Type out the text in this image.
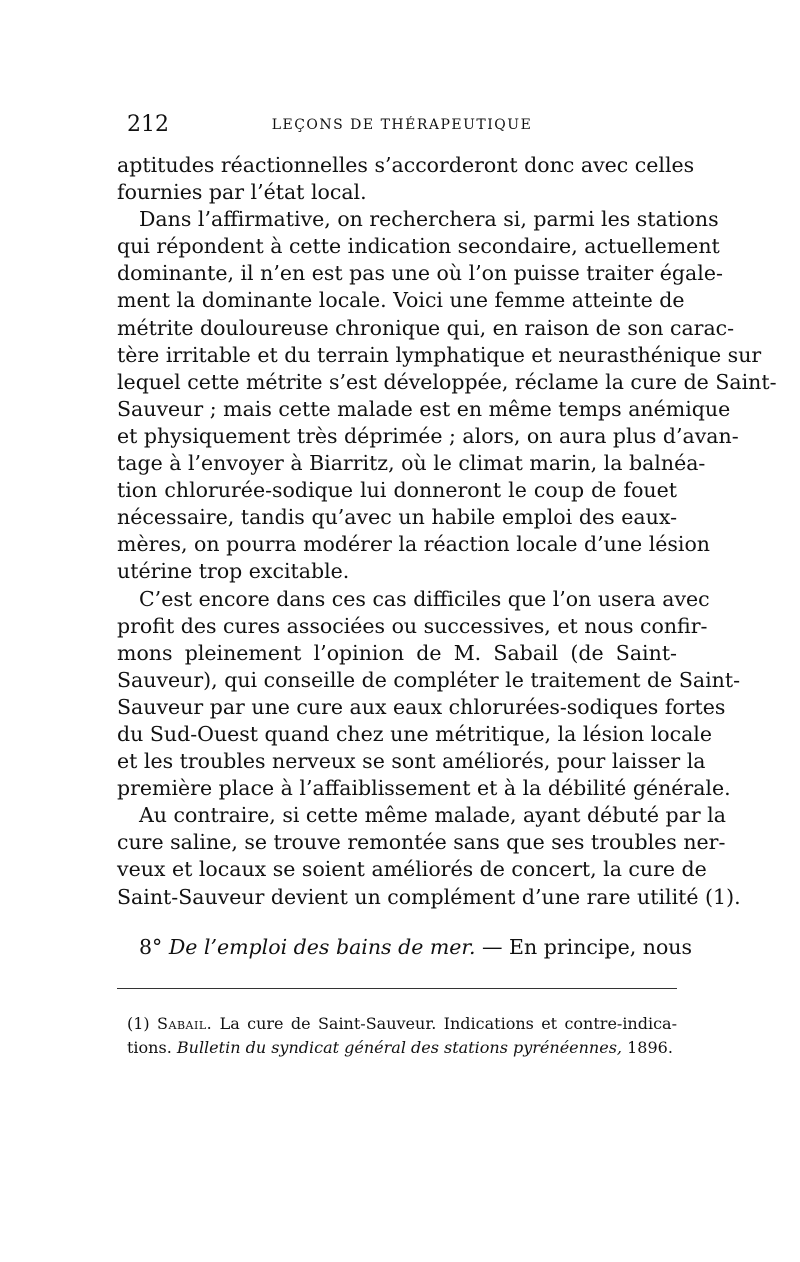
212	LEÇONS DE THÉRAPEUTIQUE
aptitudes réactionnelles s’accorderont donc avec celles
fournies par l’état local.
Dans l’affirmative, on recherchera si, parmi les stations
qui répondent à cette indication secondaire, actuellement
dominante, il n’en est pas une où l’on puisse traiter égale-
ment la dominante locale. Voici une femme atteinte de
métrite douloureuse chronique qui, en raison de son carac-
tère irritable et du terrain lymphatique et neurasthénique sur
lequel cette métrite s’est développée, réclame la cure de Saint-
Sauveur ; mais cette malade est en même temps anémique
et physiquement très déprimée ; alors, on aura plus d’avan-
tage à l’envoyer à Biarritz, où le climat marin, la balnéa-
tion chlorurée-sodique lui donneront le coup de fouet
nécessaire, tandis qu’avec un habile emploi des eaux-
mères, on pourra modérer la réaction locale d’une lésion
utérine trop excitable.
C’est encore dans ces cas difficiles que l’on usera avec
profit des cures associées ou successives, et nous confir-
mons pleinement l’opinion de M. Sabail (de Saint-
Sauveur), qui conseille de compléter le traitement de Saint-
Sauveur par une cure aux eaux chlorurées-sodiques fortes
du Sud-Ouest quand chez une métritique, la lésion locale
et les troubles nerveux se sont améliorés, pour laisser la
première place à l’affaiblissement et à la débilité générale.
Au contraire, si cette même malade, ayant débuté par la
cure saline, se trouve remontée sans que ses troubles ner-
veux et locaux se soient améliorés de concert, la cure de
Saint-Sauveur devient un complément d’une rare utilité (1).
8° De l’emploi des bains de mer. — En principe, nous
(1) Sabail. La cure de Saint-Sauveur. Indications et contre-indica-
tions. Bulletin du syndicat général des stations pyrénéennes, 1896.
